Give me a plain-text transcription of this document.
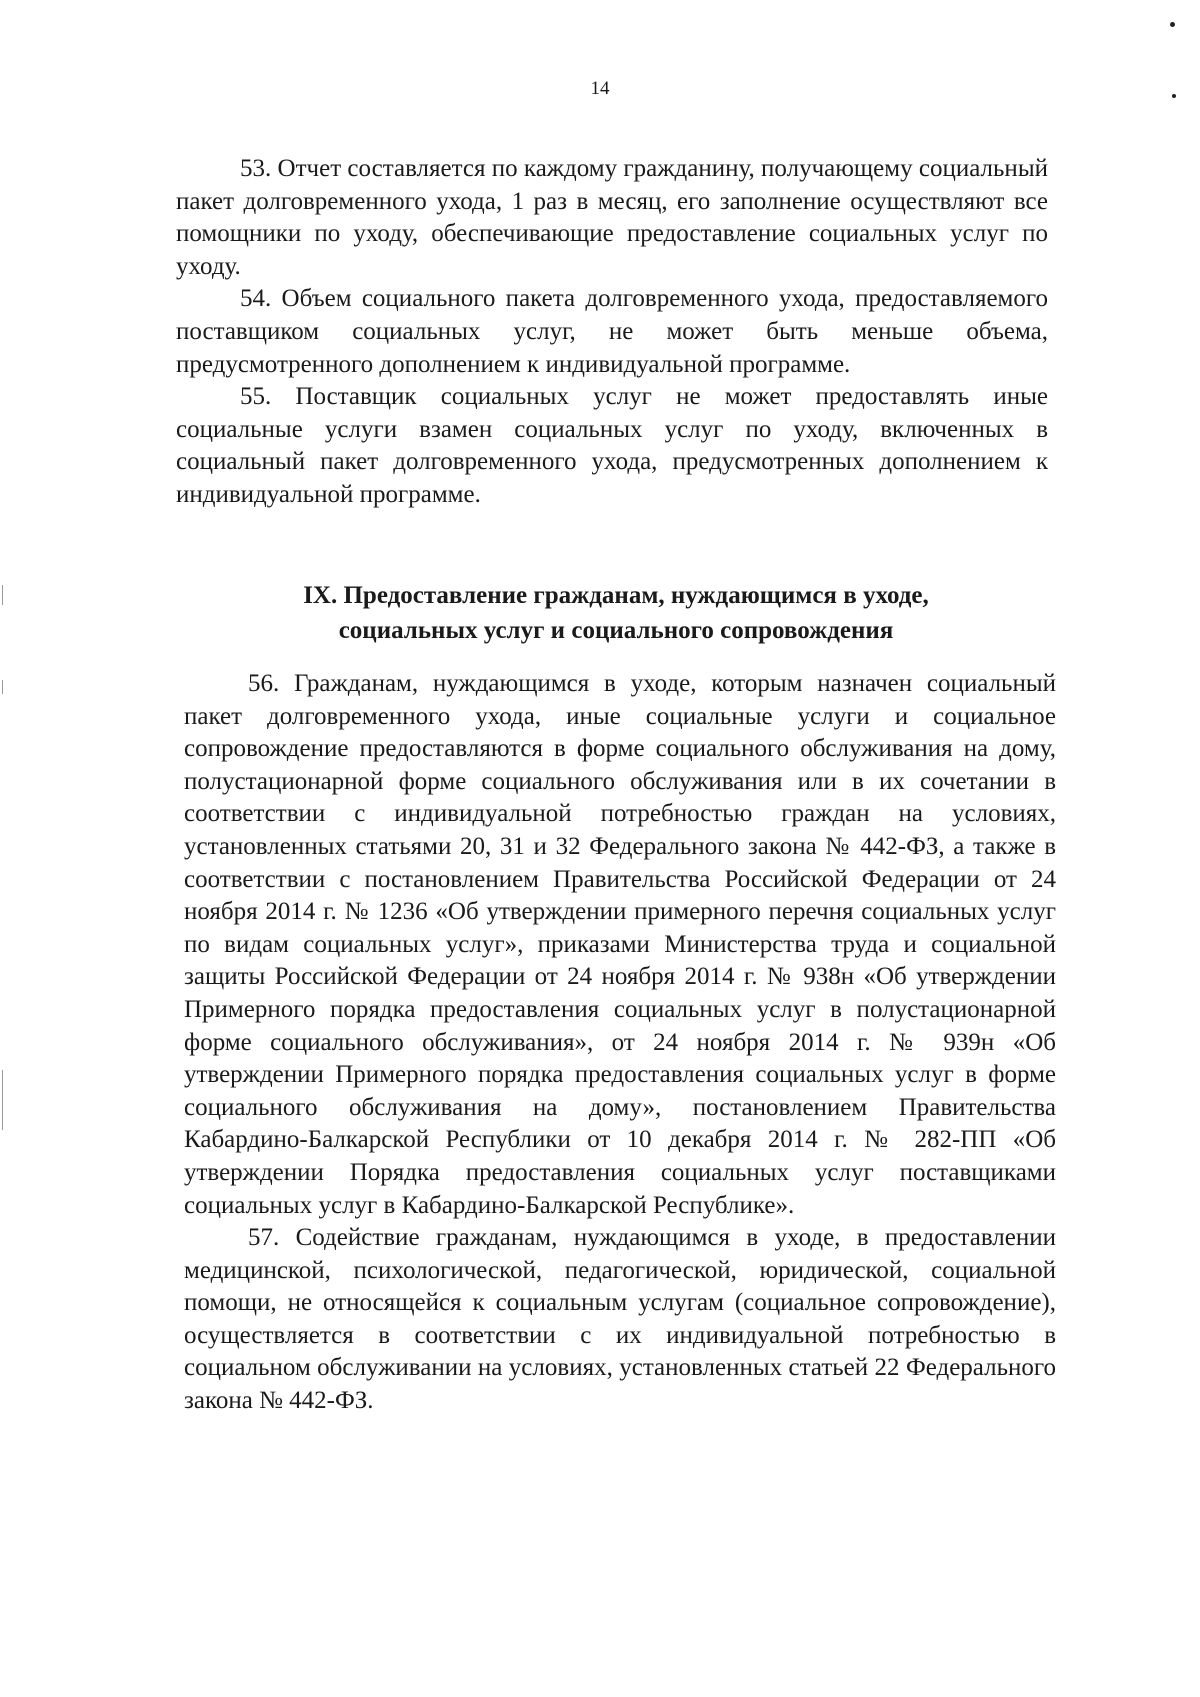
14

53. Отчет составляется по каждому гражданину, получающему социальный пакет долговременного ухода, 1 раз в месяц, его заполнение осуществляют все помощники по уходу, обеспечивающие предоставление социальных услуг по уходу.

54. Объем социального пакета долговременного ухода, предоставляемого поставщиком социальных услуг, не может быть меньше объема, предусмотренного дополнением к индивидуальной программе.

55. Поставщик социальных услуг не может предоставлять иные социальные услуги взамен социальных услуг по уходу, включенных в социальный пакет долговременного ухода, предусмотренных дополнением к индивидуальной программе.

IX. Предоставление гражданам, нуждающимся в уходе,
социальных услуг и социального сопровождения

56. Гражданам, нуждающимся в уходе, которым назначен социальный пакет долговременного ухода, иные социальные услуги и социальное сопровождение предоставляются в форме социального обслуживания на дому, полустационарной форме социального обслуживания или в их сочетании в соответствии с индивидуальной потребностью граждан на условиях, установленных статьями 20, 31 и 32 Федерального закона № 442-ФЗ, а также в соответствии с постановлением Правительства Российской Федерации от 24 ноября 2014 г. № 1236 «Об утверждении примерного перечня социальных услуг по видам социальных услуг», приказами Министерства труда и социальной защиты Российской Федерации от 24 ноября 2014 г. № 938н «Об утверждении Примерного порядка предоставления социальных услуг в полустационарной форме социального обслуживания», от 24 ноября 2014 г. № 939н «Об утверждении Примерного порядка предоставления социальных услуг в форме социального обслуживания на дому», постановлением Правительства Кабардино-Балкарской Республики от 10 декабря 2014 г. № 282-ПП «Об утверждении Порядка предоставления социальных услуг поставщиками социальных услуг в Кабардино-Балкарской Республике».

57. Содействие гражданам, нуждающимся в уходе, в предоставлении медицинской, психологической, педагогической, юридической, социальной помощи, не относящейся к социальным услугам (социальное сопровождение), осуществляется в соответствии с их индивидуальной потребностью в социальном обслуживании на условиях, установленных статьей 22 Федерального закона № 442-ФЗ.
